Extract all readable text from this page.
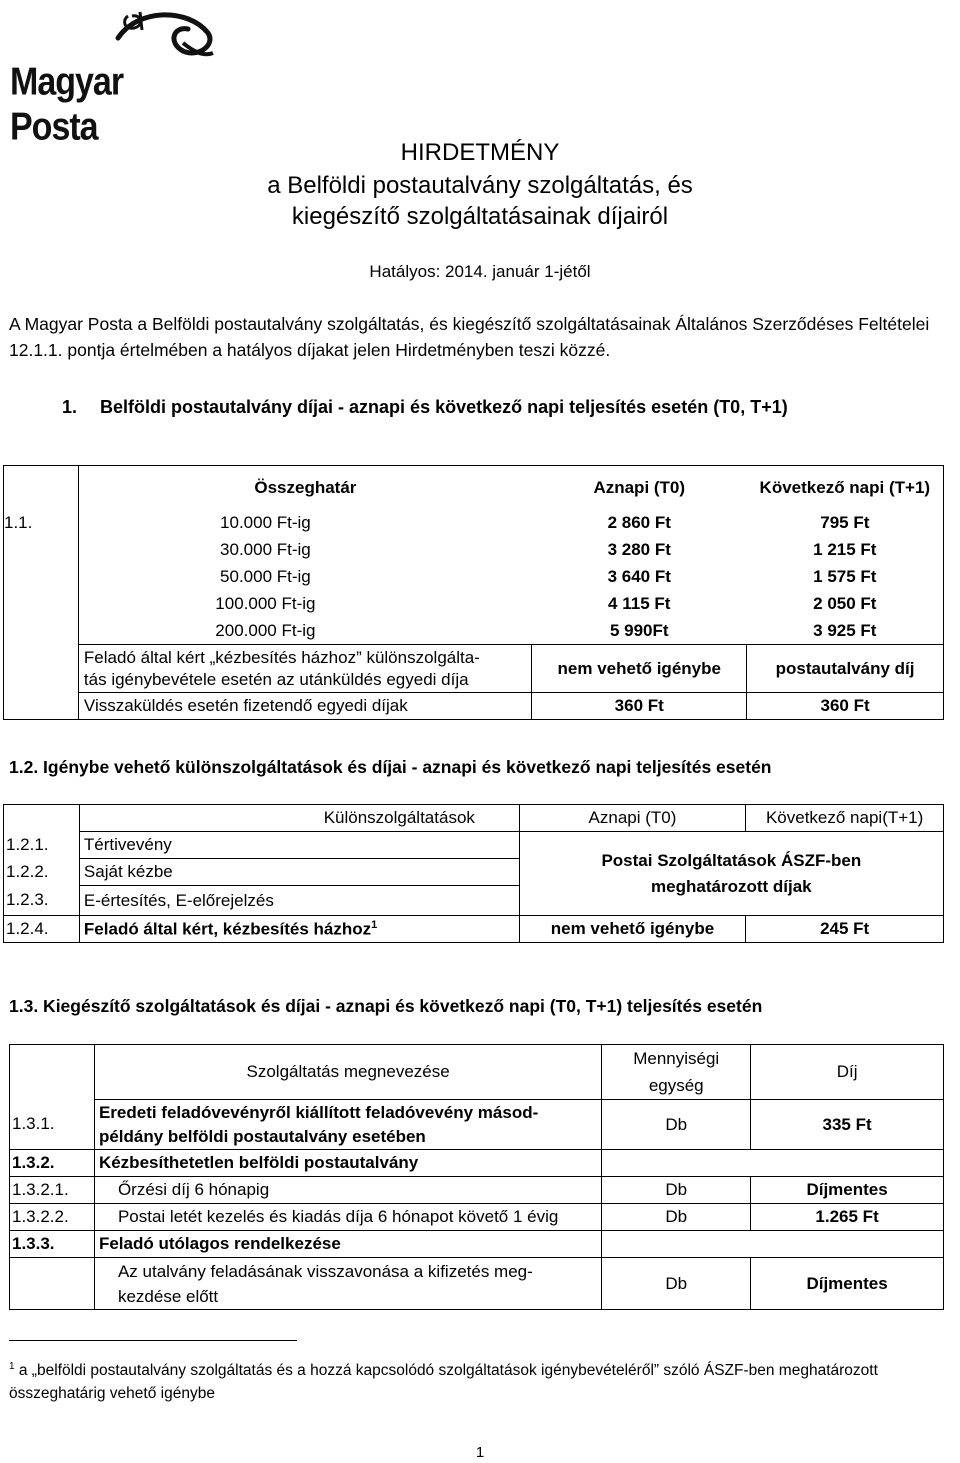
Magyar Posta
HIRDETMÉNY
a Belföldi postautalvány szolgáltatás, és
kiegészítő szolgáltatásainak díjairól
Hatályos: 2014. január 1-jétől
A Magyar Posta a Belföldi postautalvány szolgáltatás, és kiegészítő szolgáltatásainak Általános Szerződéses Feltételei 12.1.1. pontja értelmében a hatályos díjakat jelen Hirdetményben teszi közzé.
1. Belföldi postautalvány díjai - aznapi és következő napi teljesítés esetén (T0, T+1)
	Összeghatár	Aznapi (T0)	Következő napi (T+1)
1.1.	10.000 Ft-ig	2 860 Ft	795 Ft
	30.000 Ft-ig	3 280 Ft	1 215 Ft
	50.000 Ft-ig	3 640 Ft	1 575 Ft
	100.000 Ft-ig	4 115 Ft	2 050 Ft
	200.000 Ft-ig	5 990Ft	3 925 Ft

	Feladó által kért „kézbesítés házhoz” különszolgálta-
tás igénybevétele esetén az utánküldés egyedi díja	nem vehető igénybe	postautalvány díj
	Visszaküldés esetén fizetendő egyedi díjak	360 Ft	360 Ft
1.2. Igénybe vehető különszolgáltatások és díjai - aznapi és következő napi teljesítés esetén
	Különszolgáltatások	Aznapi (T0)	Következő napi(T+1)
1.2.1.	Tértivevény	Postai Szolgáltatások ÁSZF-ben
meghatározott díjak	

1.2.2.	Saját kézbe		
1.2.3.	E-értesítés, E-előrejelzés		
1.2.4.	Feladó által kért, kézbesítés házhoz$^1$	nem vehető igénybe	245 Ft
1.3. Kiegészítő szolgáltatások és díjai - aznapi és következő napi (T0, T+1) teljesítés esetén
	Szolgáltatás megnevezése	Mennyiségi
egység	Díj
1.3.1.	Eredeti feladóvevényről kiállított feladóvevény másod-
példány belföldi postautalvány esetében	Db	335 Ft
1.3.2.	Kézbesíthetetlen belföldi postautalvány		
1.3.2.1.	Őrzési díj 6 hónapig	Db	Díjmentes
1.3.2.2.	Postai letét kezelés és kiadás díja 6 hónapot követő 1 évig	Db	1.265 Ft
1.3.3.	Feladó utólagos rendelkezése		

	Az utalvány feladásának visszavonása a kifizetés meg-
kezdése előtt	Db	Díjmentes
$^1$ a „belföldi postautalvány szolgáltatás és a hozzá kapcsolódó szolgáltatások igénybevételéről” szóló ÁSZF-ben meghatározott összeghatárig vehető igénybe
1
